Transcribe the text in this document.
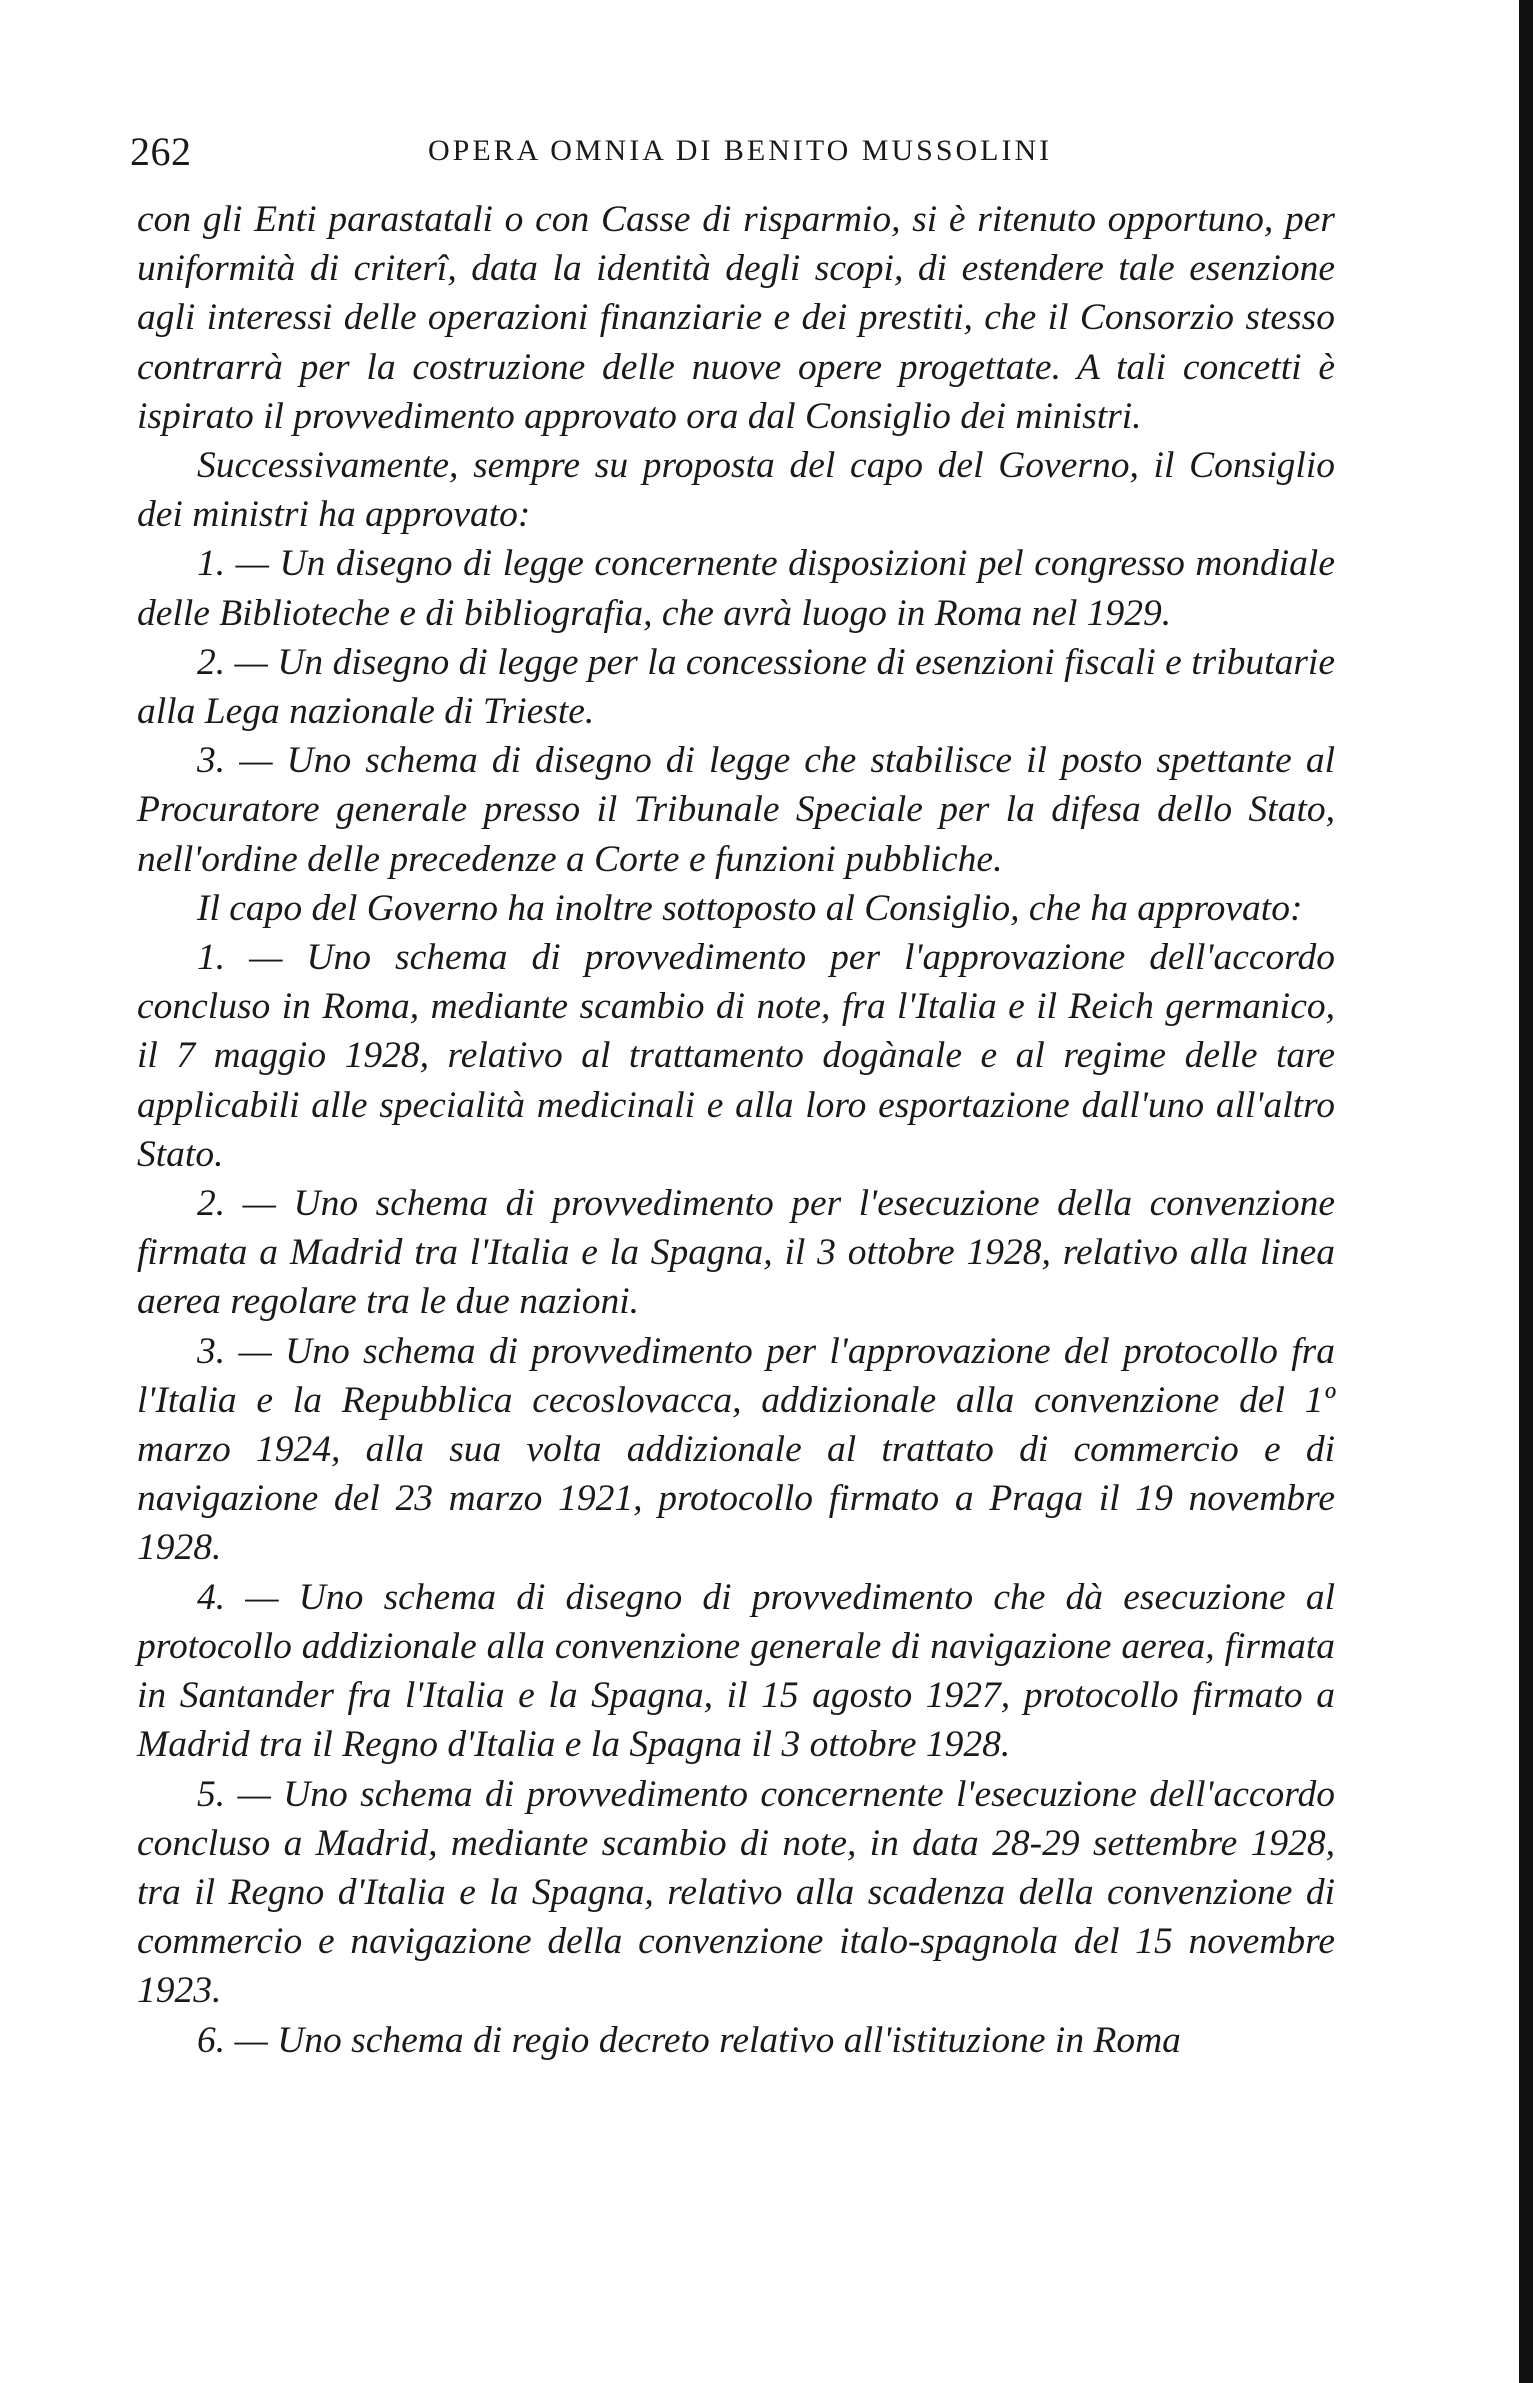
262	OPERA OMNIA DI BENITO MUSSOLINI

con gli Enti parastatali o con Casse di risparmio, si è ritenuto opportuno, per uniformità di criterî, data la identità degli scopi, di estendere tale esenzione agli interessi delle operazioni finanziarie e dei prestiti, che il Consorzio stesso contrarrà per la costruzione delle nuove opere progettate. A tali concetti è ispirato il provvedimento approvato ora dal Consiglio dei ministri.

Successivamente, sempre su proposta del capo del Governo, il Consiglio dei ministri ha approvato:

1. — Un disegno di legge concernente disposizioni pel congresso mondiale delle Biblioteche e di bibliografia, che avrà luogo in Roma nel 1929.

2. — Un disegno di legge per la concessione di esenzioni fiscali e tributarie alla Lega nazionale di Trieste.

3. — Uno schema di disegno di legge che stabilisce il posto spettante al Procuratore generale presso il Tribunale Speciale per la difesa dello Stato, nell'ordine delle precedenze a Corte e funzioni pubbliche.

Il capo del Governo ha inoltre sottoposto al Consiglio, che ha approvato:

1. — Uno schema di provvedimento per l'approvazione dell'accordo concluso in Roma, mediante scambio di note, fra l'Italia e il Reich germanico, il 7 maggio 1928, relativo al trattamento dogànale e al regime delle tare applicabili alle specialità medicinali e alla loro esportazione dall'uno all'altro Stato.

2. — Uno schema di provvedimento per l'esecuzione della convenzione firmata a Madrid tra l'Italia e la Spagna, il 3 ottobre 1928, relativo alla linea aerea regolare tra le due nazioni.

3. — Uno schema di provvedimento per l'approvazione del protocollo fra l'Italia e la Repubblica cecoslovacca, addizionale alla convenzione del 1º marzo 1924, alla sua volta addizionale al trattato di commercio e di navigazione del 23 marzo 1921, protocollo firmato a Praga il 19 novembre 1928.

4. — Uno schema di disegno di provvedimento che dà esecuzione al protocollo addizionale alla convenzione generale di navigazione aerea, firmata in Santander fra l'Italia e la Spagna, il 15 agosto 1927, protocollo firmato a Madrid tra il Regno d'Italia e la Spagna il 3 ottobre 1928.

5. — Uno schema di provvedimento concernente l'esecuzione dell'accordo concluso a Madrid, mediante scambio di note, in data 28-29 settembre 1928, tra il Regno d'Italia e la Spagna, relativo alla scadenza della convenzione di commercio e navigazione della convenzione italo-spagnola del 15 novembre 1923.

6. — Uno schema di regio decreto relativo all'istituzione in Roma
